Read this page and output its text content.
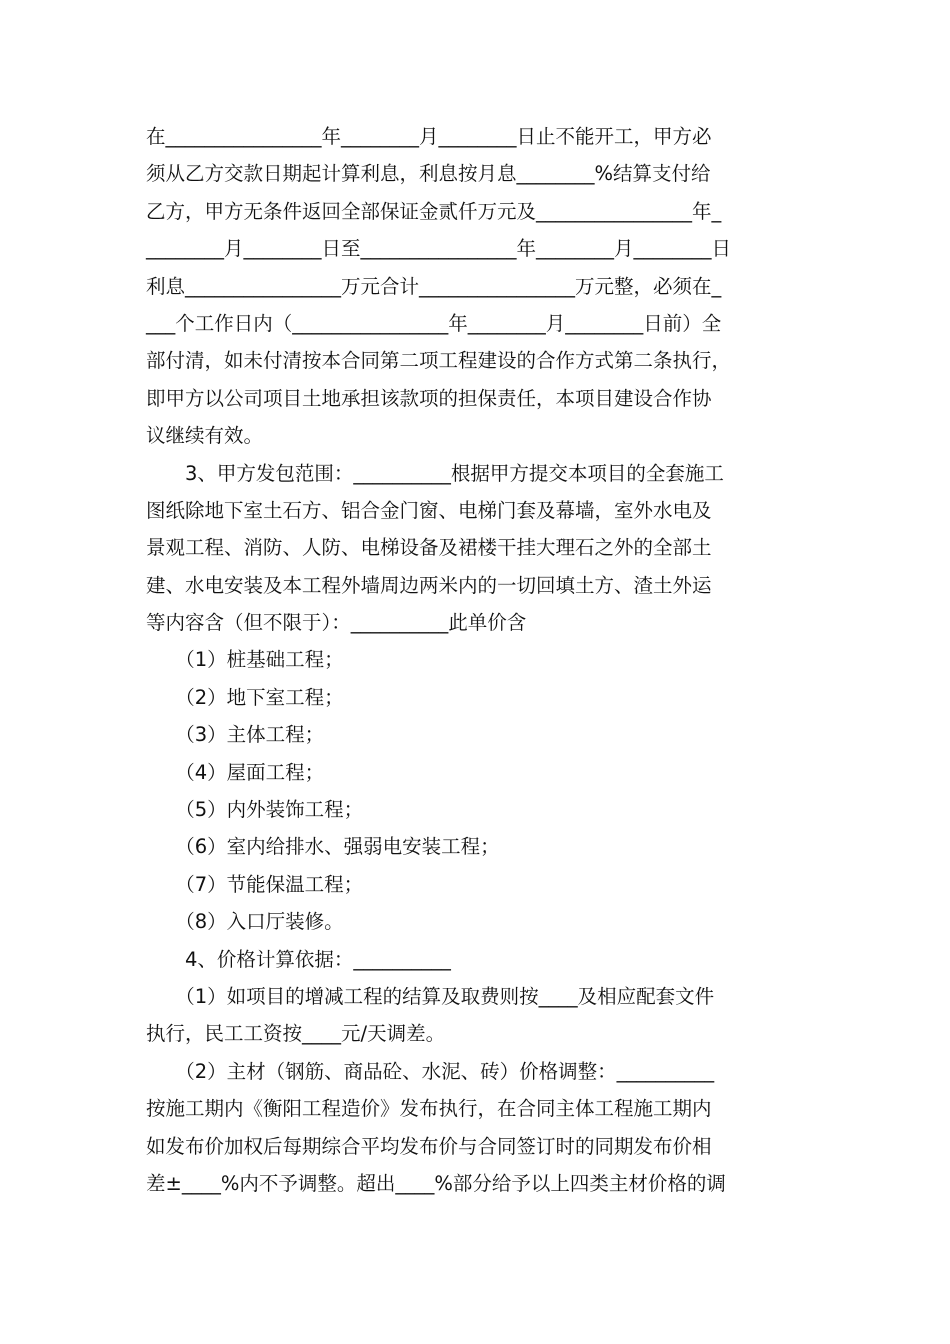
在________________年________月________日止不能开工，甲方必
须从乙方交款日期起计算利息，利息按月息________%结算支付给
乙方，甲方无条件返回全部保证金贰仟万元及________________年_
________月________日至________________年________月________日
利息________________万元合计________________万元整，必须在_
___个工作日内（________________年________月________日前）全
部付清，如未付清按本合同第二项工程建设的合作方式第二条执行，
即甲方以公司项目土地承担该款项的担保责任，本项目建设合作协
议继续有效。
　　3、甲方发包范围：__________根据甲方提交本项目的全套施工
图纸除地下室土石方、铝合金门窗、电梯门套及幕墙，室外水电及
景观工程、消防、人防、电梯设备及裙楼干挂大理石之外的全部土
建、水电安装及本工程外墙周边两米内的一切回填土方、渣土外运
等内容含（但不限于）：__________此单价含
　　（1）桩基础工程；
　　（2）地下室工程；
　　（3）主体工程；
　　（4）屋面工程；
　　（5）内外装饰工程；
　　（6）室内给排水、强弱电安装工程；
　　（7）节能保温工程；
　　（8）入口厅装修。
　　4、价格计算依据：__________
　　（1）如项目的增减工程的结算及取费则按____及相应配套文件
执行，民工工资按____元/天调差。
　　（2）主材（钢筋、商品砼、水泥、砖）价格调整：__________
按施工期内《衡阳工程造价》发布执行，在合同主体工程施工期内
如发布价加权后每期综合平均发布价与合同签订时的同期发布价相
差±____%内不予调整。超出____%部分给予以上四类主材价格的调
